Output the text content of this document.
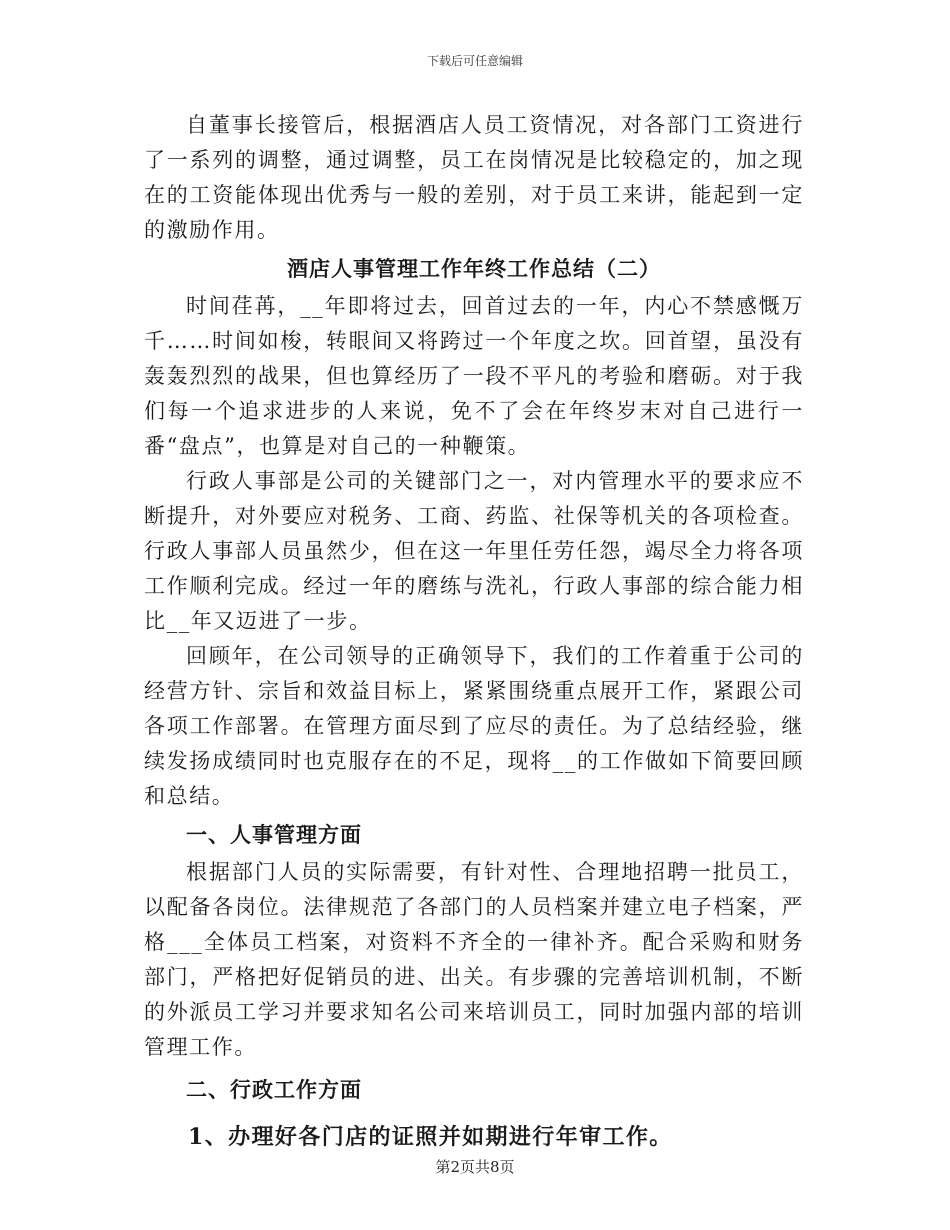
下载后可任意编辑

自董事长接管后，根据酒店人员工资情况，对各部门工资进行了一系列的调整，通过调整，员工在岗情况是比较稳定的，加之现在的工资能体现出优秀与一般的差别，对于员工来讲，能起到一定的激励作用。

酒店人事管理工作年终工作总结（二）

时间荏苒，__年即将过去，回首过去的一年，内心不禁感慨万千……时间如梭，转眼间又将跨过一个年度之坎。回首望，虽没有轰轰烈烈的战果，但也算经历了一段不平凡的考验和磨砺。对于我们每一个追求进步的人来说，免不了会在年终岁末对自己进行一番“盘点”，也算是对自己的一种鞭策。

行政人事部是公司的关键部门之一，对内管理水平的要求应不断提升，对外要应对税务、工商、药监、社保等机关的各项检查。行政人事部人员虽然少，但在这一年里任劳任怨，竭尽全力将各项工作顺利完成。经过一年的磨练与洗礼，行政人事部的综合能力相比__年又迈进了一步。

回顾年，在公司领导的正确领导下，我们的工作着重于公司的经营方针、宗旨和效益目标上，紧紧围绕重点展开工作，紧跟公司各项工作部署。在管理方面尽到了应尽的责任。为了总结经验，继续发扬成绩同时也克服存在的不足，现将__的工作做如下简要回顾和总结。

一、人事管理方面

根据部门人员的实际需要，有针对性、合理地招聘一批员工，以配备各岗位。法律规范了各部门的人员档案并建立电子档案，严格___全体员工档案，对资料不齐全的一律补齐。配合采购和财务部门，严格把好促销员的进、出关。有步骤的完善培训机制，不断的外派员工学习并要求知名公司来培训员工，同时加强内部的培训管理工作。

二、行政工作方面

1、办理好各门店的证照并如期进行年审工作。

第2页共8页
